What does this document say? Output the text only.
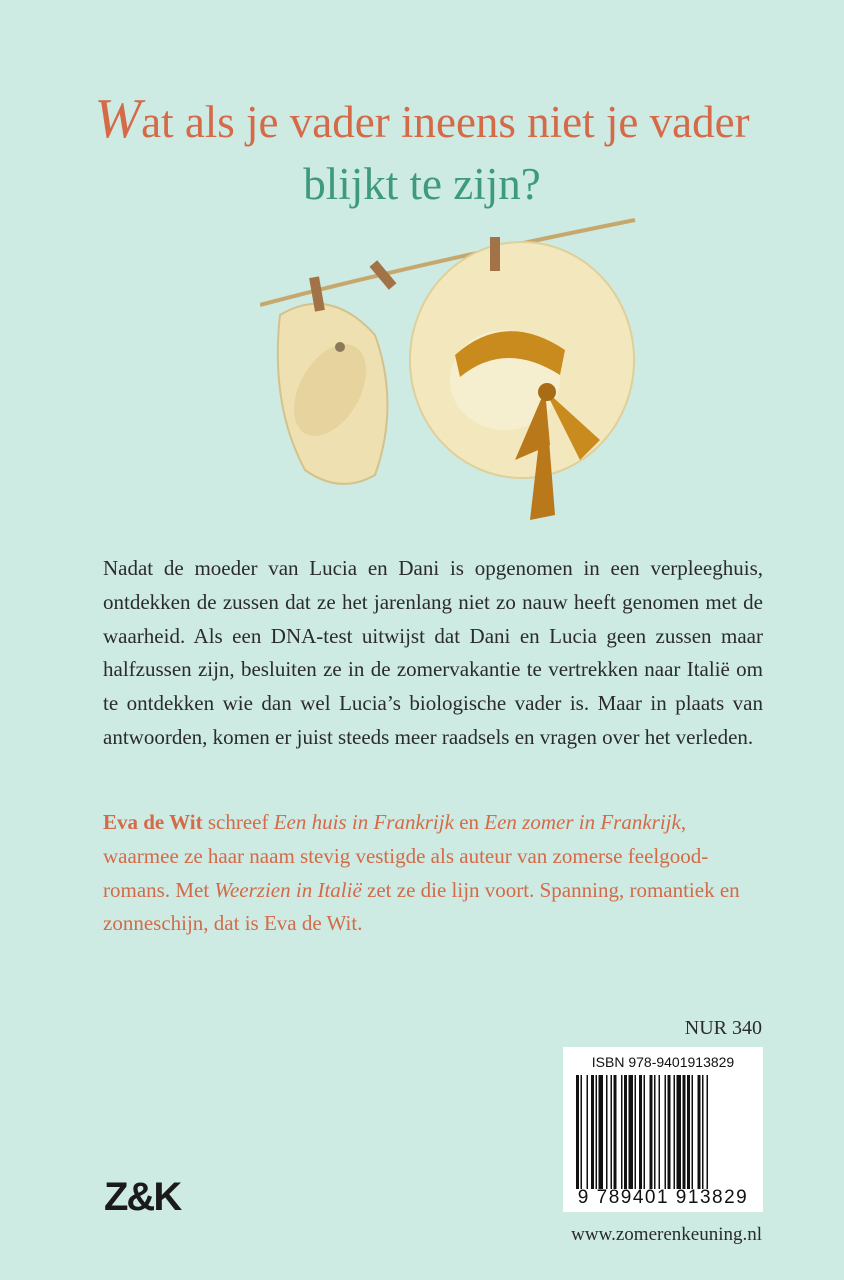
Wat als je vader ineens niet je vader
blijkt te zijn?
Nadat de moeder van Lucia en Dani is opgenomen in een verpleeghuis, ontdekken de zussen dat ze het jarenlang niet zo nauw heeft genomen met de waarheid. Als een DNA-test uitwijst dat Dani en Lucia geen zussen maar halfzussen zijn, besluiten ze in de zomervakantie te vertrekken naar Italië om te ontdekken wie dan wel Lucia’s biologische vader is. Maar in plaats van antwoorden, komen er juist steeds meer raadsels en vragen over het verleden.
Eva de Wit schreef Een huis in Frankrijk en Een zomer in Frankrijk, waarmee ze haar naam stevig vestigde als auteur van zomerse feelgoodromans. Met Weerzien in Italië zet ze die lijn voort. Spanning, romantiek en zonneschijn, dat is Eva de Wit.
NUR 340
ISBN 978-9401913829
9 789401 913829
Z&K
www.zomerenkeuning.nl
